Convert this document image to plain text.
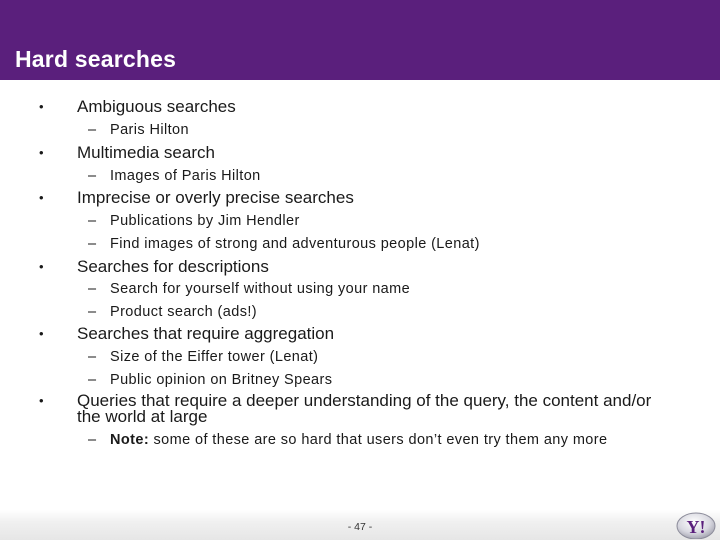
Hard searches
• Ambiguous searches
– Paris Hilton
• Multimedia search
– Images of Paris Hilton
• Imprecise or overly precise searches
– Publications by Jim Hendler
– Find images of strong and adventurous people (Lenat)
• Searches for descriptions
– Search for yourself without using your name
– Product search (ads!)
• Searches that require aggregation
– Size of the Eiffer tower (Lenat)
– Public opinion on Britney Spears
• Queries that require a deeper understanding of the query, the content and/or
the world at large
– Note: some of these are so hard that users don’t even try them any more
- 47 -	Y!
